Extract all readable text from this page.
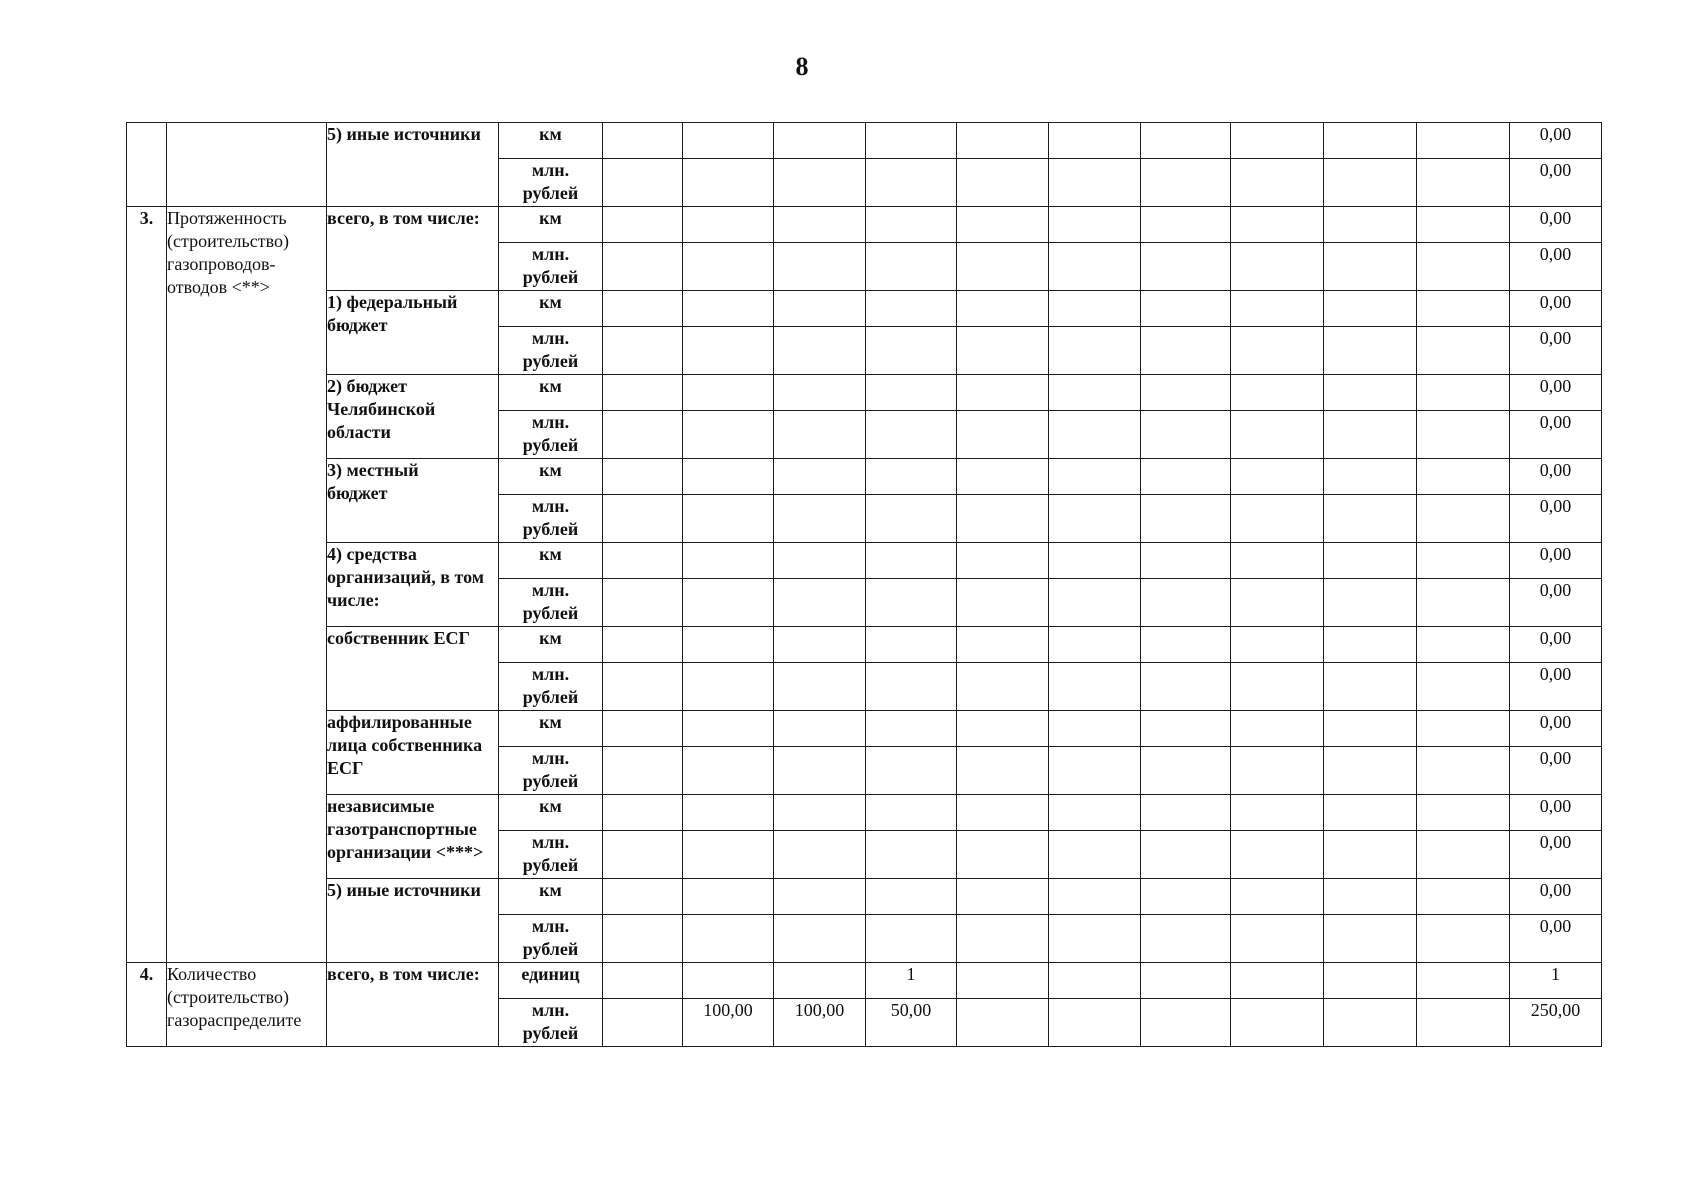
8
		5) иные источники	км											0,00
			млн.
рублей											0,00
3.	Протяженность
(строительство)
газопроводов-
отводов <**>	всего, в том числе:	км											0,00
			млн.
рублей											0,00
		1) федеральный
бюджет	км											0,00
			млн.
рублей											0,00
		2) бюджет
Челябинской
области	км											0,00
			млн.
рублей											0,00
		3) местный
бюджет	км											0,00
			млн.
рублей											0,00
		4) средства
организаций, в том
числе:	км											0,00
			млн.
рублей											0,00
		собственник ЕСГ	км											0,00
			млн.
рублей											0,00
		аффилированные
лица собственника
ЕСГ	км											0,00
			млн.
рублей											0,00
		независимые
газотранспортные
организации <***>	км											0,00
			млн.
рублей											0,00
		5) иные источники	км											0,00
			млн.
рублей											0,00
4.	Количество
(строительство)
газораспределите	всего, в том числе:	единиц				1							1
			млн.
рублей		100,00	100,00	50,00							250,00
